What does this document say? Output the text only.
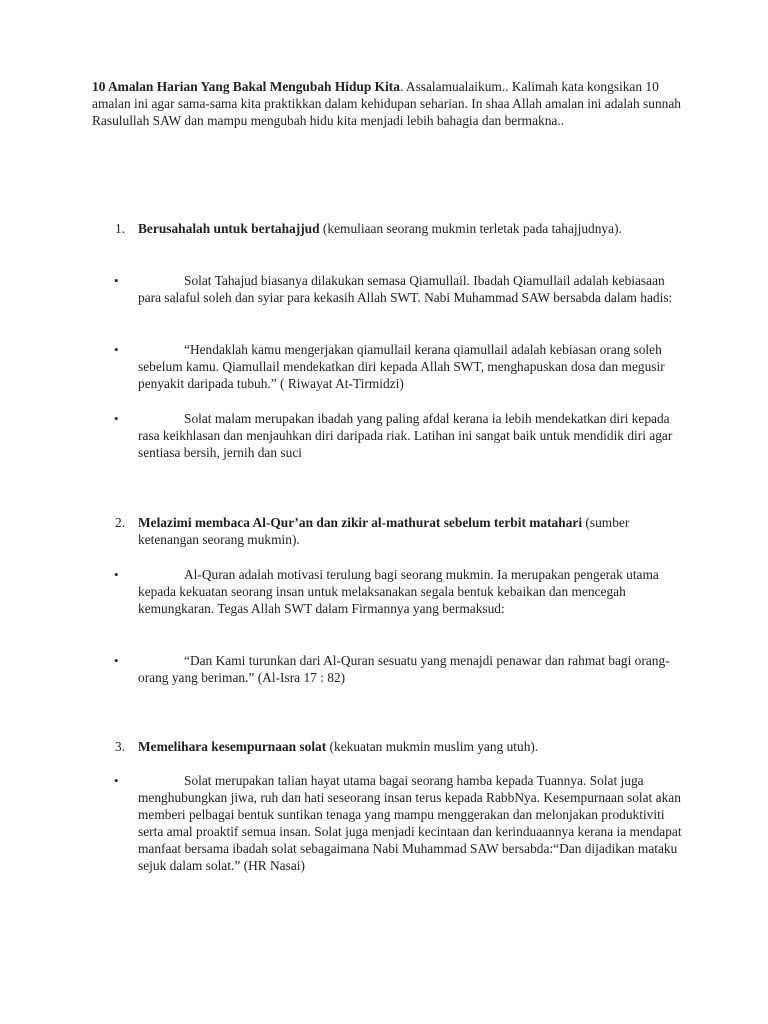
10 Amalan Harian Yang Bakal Mengubah Hidup Kita. Assalamualaikum.. Kalimah kata kongsikan 10 amalan ini agar sama-sama kita praktikkan dalam kehidupan seharian. In shaa Allah amalan ini adalah sunnah Rasulullah SAW dan mampu mengubah hidu kita menjadi lebih bahagia dan bermakna..
1. Berusahalah untuk bertahajjud (kemuliaan seorang mukmin terletak pada tahajjudnya).
•	Solat Tahajud biasanya dilakukan semasa Qiamullail. Ibadah Qiamullail adalah kebiasaan para salaful soleh dan syiar para kekasih Allah SWT. Nabi Muhammad SAW bersabda dalam hadis:
•	“Hendaklah kamu mengerjakan qiamullail kerana qiamullail adalah kebiasan orang soleh sebelum kamu. Qiamullail mendekatkan diri kepada Allah SWT, menghapuskan dosa dan megusir penyakit daripada tubuh.” ( Riwayat At-Tirmidzi)
•	Solat malam merupakan ibadah yang paling afdal kerana ia lebih mendekatkan diri kepada rasa keikhlasan dan menjauhkan diri daripada riak. Latihan ini sangat baik untuk mendidik diri agar sentiasa bersih, jernih dan suci
2. Melazimi membaca Al-Qur’an dan zikir al-mathurat sebelum terbit matahari (sumber ketenangan seorang mukmin).
•	Al-Quran adalah motivasi terulung bagi seorang mukmin. Ia merupakan pengerak utama kepada kekuatan seorang insan untuk melaksanakan segala bentuk kebaikan dan mencegah kemungkaran. Tegas Allah SWT dalam Firmannya yang bermaksud:
•	“Dan Kami turunkan dari Al-Quran sesuatu yang menajdi penawar dan rahmat bagi orang-orang yang beriman.” (Al-Isra 17 : 82)
3. Memelihara kesempurnaan solat (kekuatan mukmin muslim yang utuh).
•	Solat merupakan talian hayat utama bagai seorang hamba kepada Tuannya. Solat juga menghubungkan jiwa, ruh dan hati seseorang insan terus kepada RabbNya. Kesempurnaan solat akan memberi pelbagai bentuk suntikan tenaga yang mampu menggerakan dan melonjakan produktiviti serta amal proaktif semua insan. Solat juga menjadi kecintaan dan kerinduaannya kerana ia mendapat manfaat bersama ibadah solat sebagaimana Nabi Muhammad SAW bersabda:“Dan dijadikan mataku sejuk dalam solat.” (HR Nasai)
